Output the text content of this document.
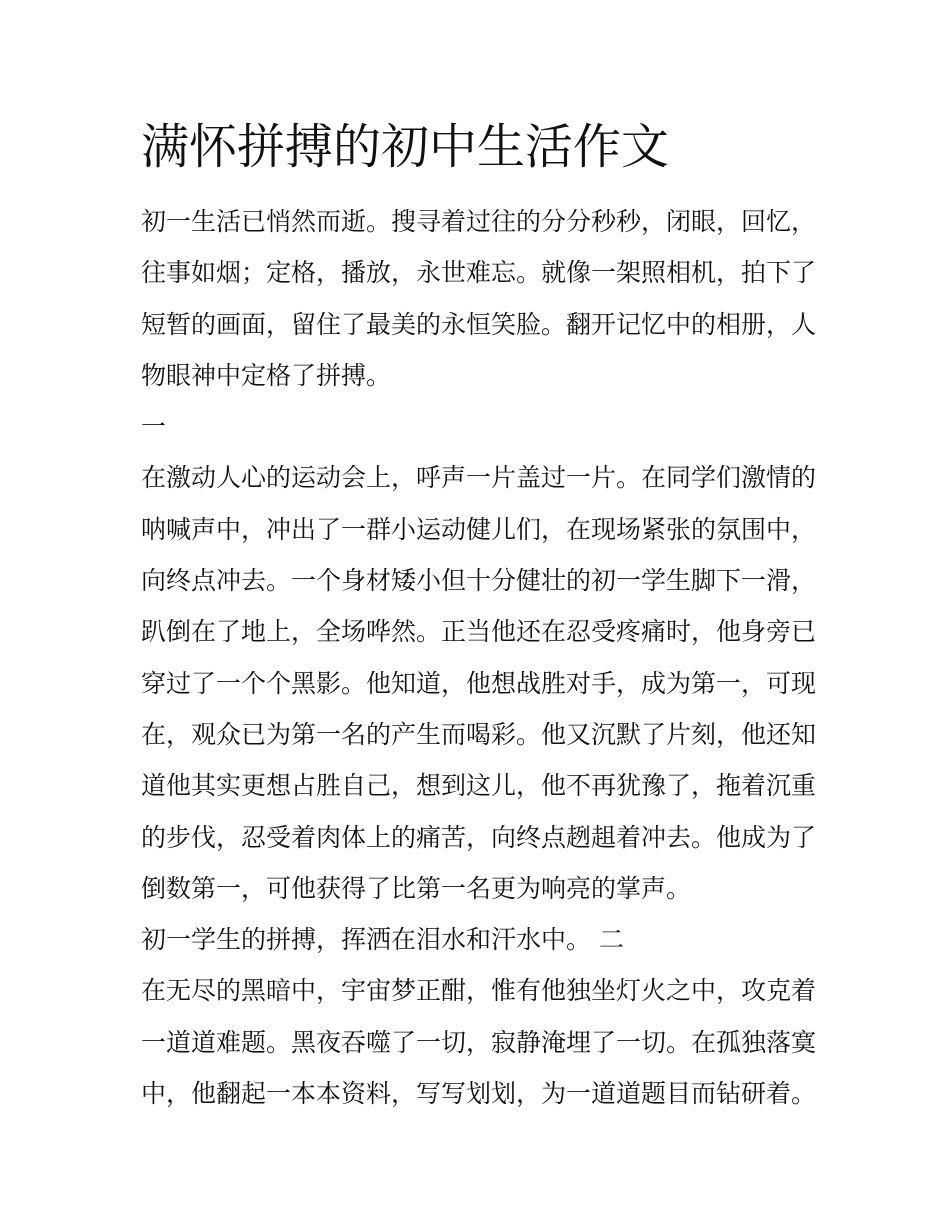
满怀拼搏的初中生活作文
初一生活已悄然而逝。搜寻着过往的分分秒秒，闭眼，回忆，
往事如烟；定格，播放，永世难忘。就像一架照相机，拍下了
短暂的画面，留住了最美的永恒笑脸。翻开记忆中的相册，人
物眼神中定格了拼搏。
一
在激动人心的运动会上，呼声一片盖过一片。在同学们激情的
呐喊声中，冲出了一群小运动健儿们，在现场紧张的氛围中，
向终点冲去。一个身材矮小但十分健壮的初一学生脚下一滑，
趴倒在了地上，全场哗然。正当他还在忍受疼痛时，他身旁已
穿过了一个个黑影。他知道，他想战胜对手，成为第一，可现
在，观众已为第一名的产生而喝彩。他又沉默了片刻，他还知
道他其实更想占胜自己，想到这儿，他不再犹豫了，拖着沉重
的步伐，忍受着肉体上的痛苦，向终点趔趄着冲去。他成为了
倒数第一，可他获得了比第一名更为响亮的掌声。
初一学生的拼搏，挥洒在泪水和汗水中。 二
在无尽的黑暗中，宇宙梦正酣，惟有他独坐灯火之中，攻克着
一道道难题。黑夜吞噬了一切，寂静淹埋了一切。在孤独落寞
中，他翻起一本本资料，写写划划，为一道道题目而钻研着。
